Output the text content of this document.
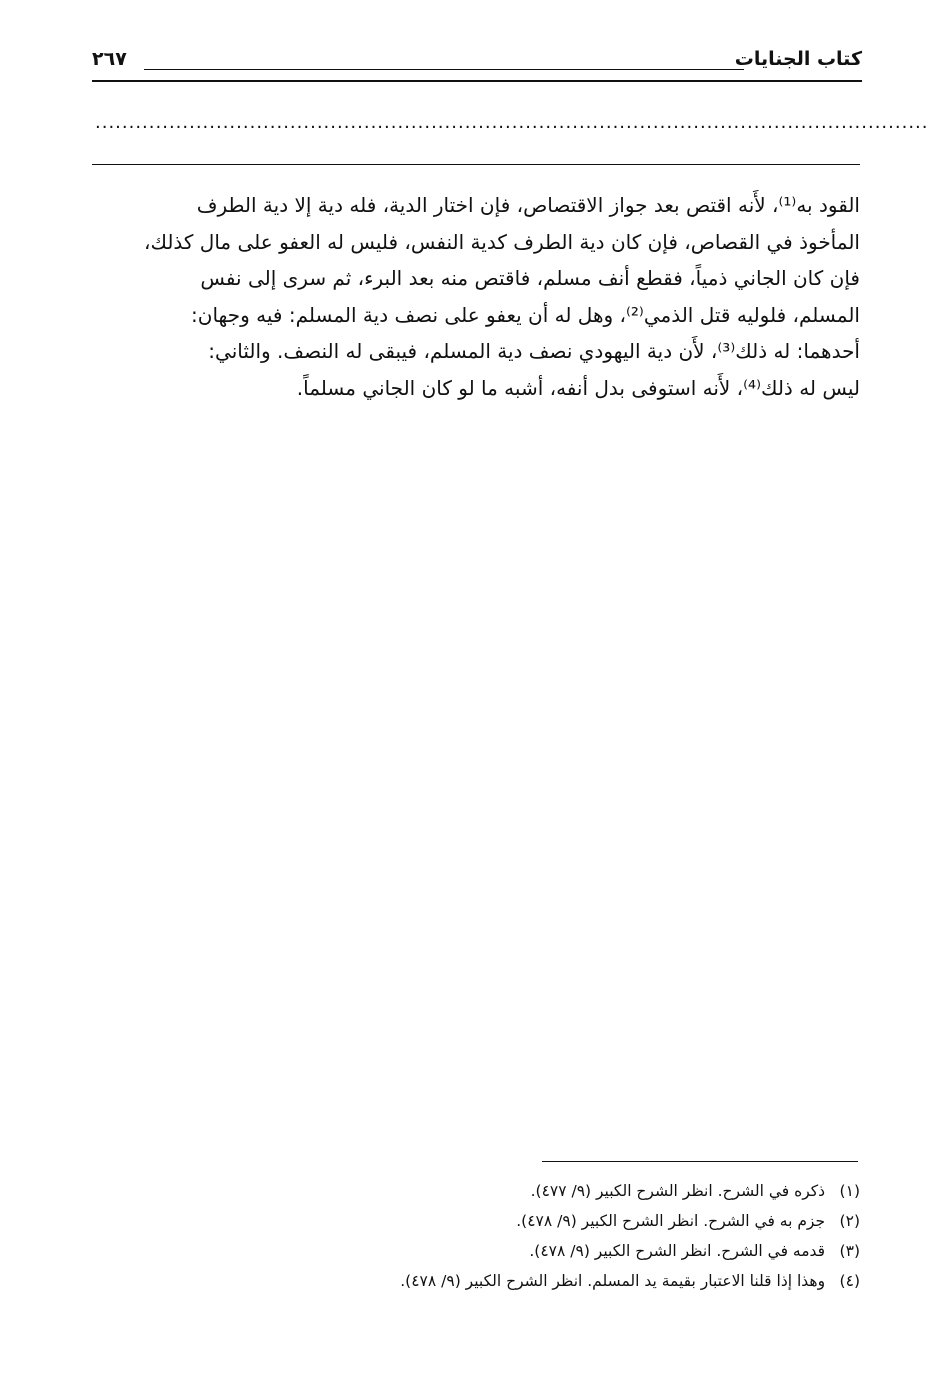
كتاب الجنايات
٢٦٧
............................................................................................................................
القود به⁽¹⁾، لأَنه اقتص بعد جواز الاقتصاص، فإن اختار الدية، فله دية إلا دية الطرف
المأخوذ في القصاص، فإن كان دية الطرف كدية النفس، فليس له العفو على مال كذلك،
فإن كان الجاني ذمياً، فقطع أنف مسلم، فاقتص منه بعد البرء، ثم سرى إلى نفس
المسلم، فلوليه قتل الذمي⁽²⁾، وهل له أن يعفو على نصف دية المسلم: فيه وجهان:
أحدهما: له ذلك⁽³⁾، لأَن دية اليهودي نصف دية المسلم، فيبقى له النصف. والثاني:
ليس له ذلك⁽⁴⁾، لأَنه استوفى بدل أنفه، أشبه ما لو كان الجاني مسلماً.
(١) ذكره في الشرح. انظر الشرح الكبير (٩/ ٤٧٧).
(٢) جزم به في الشرح. انظر الشرح الكبير (٩/ ٤٧٨).
(٣) قدمه في الشرح. انظر الشرح الكبير (٩/ ٤٧٨).
(٤) وهذا إذا قلنا الاعتبار بقيمة يد المسلم. انظر الشرح الكبير (٩/ ٤٧٨).
